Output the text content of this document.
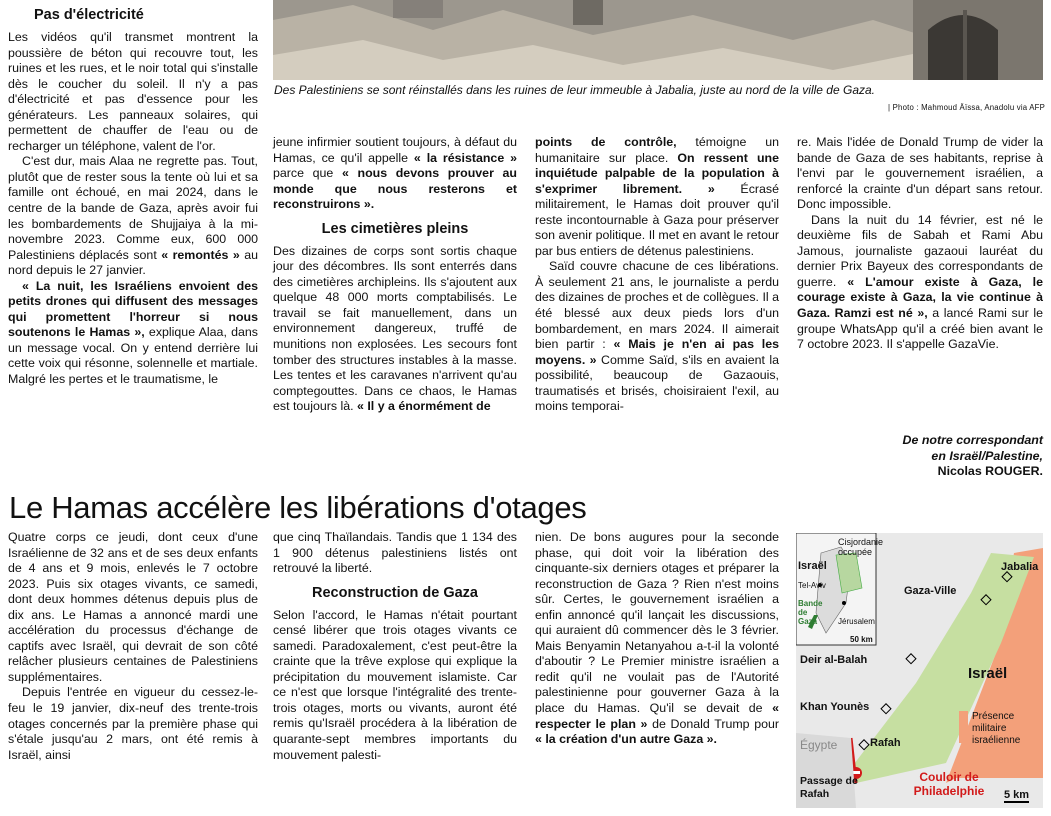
Pas d'électricité

Les vidéos qu'il transmet montrent la poussière de béton qui recouvre tout, les ruines et les rues, et le noir total qui s'installe dès le coucher du soleil. Il n'y a pas d'électricité et pas d'essence pour les générateurs. Les panneaux solaires, qui permettent de chauffer de l'eau ou de recharger un téléphone, valent de l'or.

C'est dur, mais Alaa ne regrette pas. Tout, plutôt que de rester sous la tente où lui et sa famille ont échoué, en mai 2024, dans le centre de la bande de Gaza, après avoir fui les bombardements de Shujjaiya à la mi-novembre 2023. Comme eux, 600 000 Palestiniens déplacés sont « remontés » au nord depuis le 27 janvier.

« La nuit, les Israéliens envoient des petits drones qui diffusent des messages qui promettent l'horreur si nous soutenons le Hamas », explique Alaa, dans un message vocal. On y entend derrière lui cette voix qui résonne, solennelle et martiale. Malgré les pertes et le traumatisme, le

Des Palestiniens se sont réinstallés dans les ruines de leur immeuble à Jabalia, juste au nord de la ville de Gaza.
| Photo : Mahmoud Äïssa, Anadolu via AFP

jeune infirmier soutient toujours, à défaut du Hamas, ce qu'il appelle « la résistance » parce que « nous devons prouver au monde que nous resterons et reconstruirons ».

Les cimetières pleins

Des dizaines de corps sont sortis chaque jour des décombres. Ils sont enterrés dans des cimetières archipleins. Ils s'ajoutent aux quelque 48 000 morts comptabilisés. Le travail se fait manuellement, dans un environnement dangereux, truffé de munitions non explosées. Les secours font tomber des structures instables à la masse. Les tentes et les caravanes n'arrivent qu'au comptegouttes. Dans ce chaos, le Hamas est toujours là. « Il y a énormément de

points de contrôle, témoigne un humanitaire sur place. On ressent une inquiétude palpable de la population à s'exprimer librement. » Écrasé militairement, le Hamas doit prouver qu'il reste incontournable à Gaza pour préserver son avenir politique. Il met en avant le retour par bus entiers de détenus palestiniens.

Saïd couvre chacune de ces libérations. À seulement 21 ans, le journaliste a perdu des dizaines de proches et de collègues. Il a été blessé aux deux pieds lors d'un bombardement, en mars 2024. Il aimerait bien partir : « Mais je n'en ai pas les moyens. » Comme Saïd, s'ils en avaient la possibilité, beaucoup de Gazaouis, traumatisés et brisés, choisiraient l'exil, au moins temporai-

re. Mais l'idée de Donald Trump de vider la bande de Gaza de ses habitants, reprise à l'envi par le gouvernement israélien, a renforcé la crainte d'un départ sans retour. Donc impossible.

Dans la nuit du 14 février, est né le deuxième fils de Sabah et Rami Abu Jamous, journaliste gazaoui lauréat du dernier Prix Bayeux des correspondants de guerre. « L'amour existe à Gaza, le courage existe à Gaza, la vie continue à Gaza. Ramzi est né », a lancé Rami sur le groupe WhatsApp qu'il a créé bien avant le 7 octobre 2023. Il s'appelle GazaVie.

De notre correspondant
en Israël/Palestine,
Nicolas ROUGER.
Le Hamas accélère les libérations d'otages

Quatre corps ce jeudi, dont ceux d'une Israélienne de 32 ans et de ses deux enfants de 4 ans et 9 mois, enlevés le 7 octobre 2023. Puis six otages vivants, ce samedi, dont deux hommes détenus depuis plus de dix ans. Le Hamas a annoncé mardi une accélération du processus d'échange de captifs avec Israël, qui devrait de son côté relâcher plusieurs centaines de Palestiniens supplémentaires.

Depuis l'entrée en vigueur du cessez-le-feu le 19 janvier, dix-neuf des trente-trois otages concernés par la première phase qui s'étale jusqu'au 2 mars, ont été remis à Israël, ainsi

que cinq Thaïlandais. Tandis que 1 134 des 1 900 détenus palestiniens listés ont retrouvé la liberté.

Reconstruction de Gaza

Selon l'accord, le Hamas n'était pourtant censé libérer que trois otages vivants ce samedi. Paradoxalement, c'est peut-être la crainte que la trêve explose qui explique la précipitation du mouvement islamiste. Car ce n'est que lorsque l'intégralité des trente-trois otages, morts ou vivants, auront été remis qu'Israël procédera à la libération de quarante-sept membres importants du mouvement palesti-

nien. De bons augures pour la seconde phase, qui doit voir la libération des cinquante-six derniers otages et préparer la reconstruction de Gaza ? Rien n'est moins sûr. Certes, le gouvernement israélien a enfin annoncé qu'il lançait les discussions, qui auraient dû commencer dès le 3 février. Mais Benyamin Netanyahou a-t-il la volonté d'aboutir ? Le Premier ministre israélien a redit qu'il ne voulait pas de l'Autorité palestinienne pour gouverner Gaza à la place du Hamas. Qu'il se devait de « respecter le plan » de Donald Trump pour « la création d'un autre Gaza ».

Israël
Cisjordanie occupée
Tel-Aviv
Jérusalem
Bande de Gaza
50 km
Jabalia
Gaza-Ville
Deir al-Balah
Khan Younès
Rafah
Égypte
Passage de Rafah
Israël
Présence militaire israélienne
Couloir de Philadelphie	5 km
